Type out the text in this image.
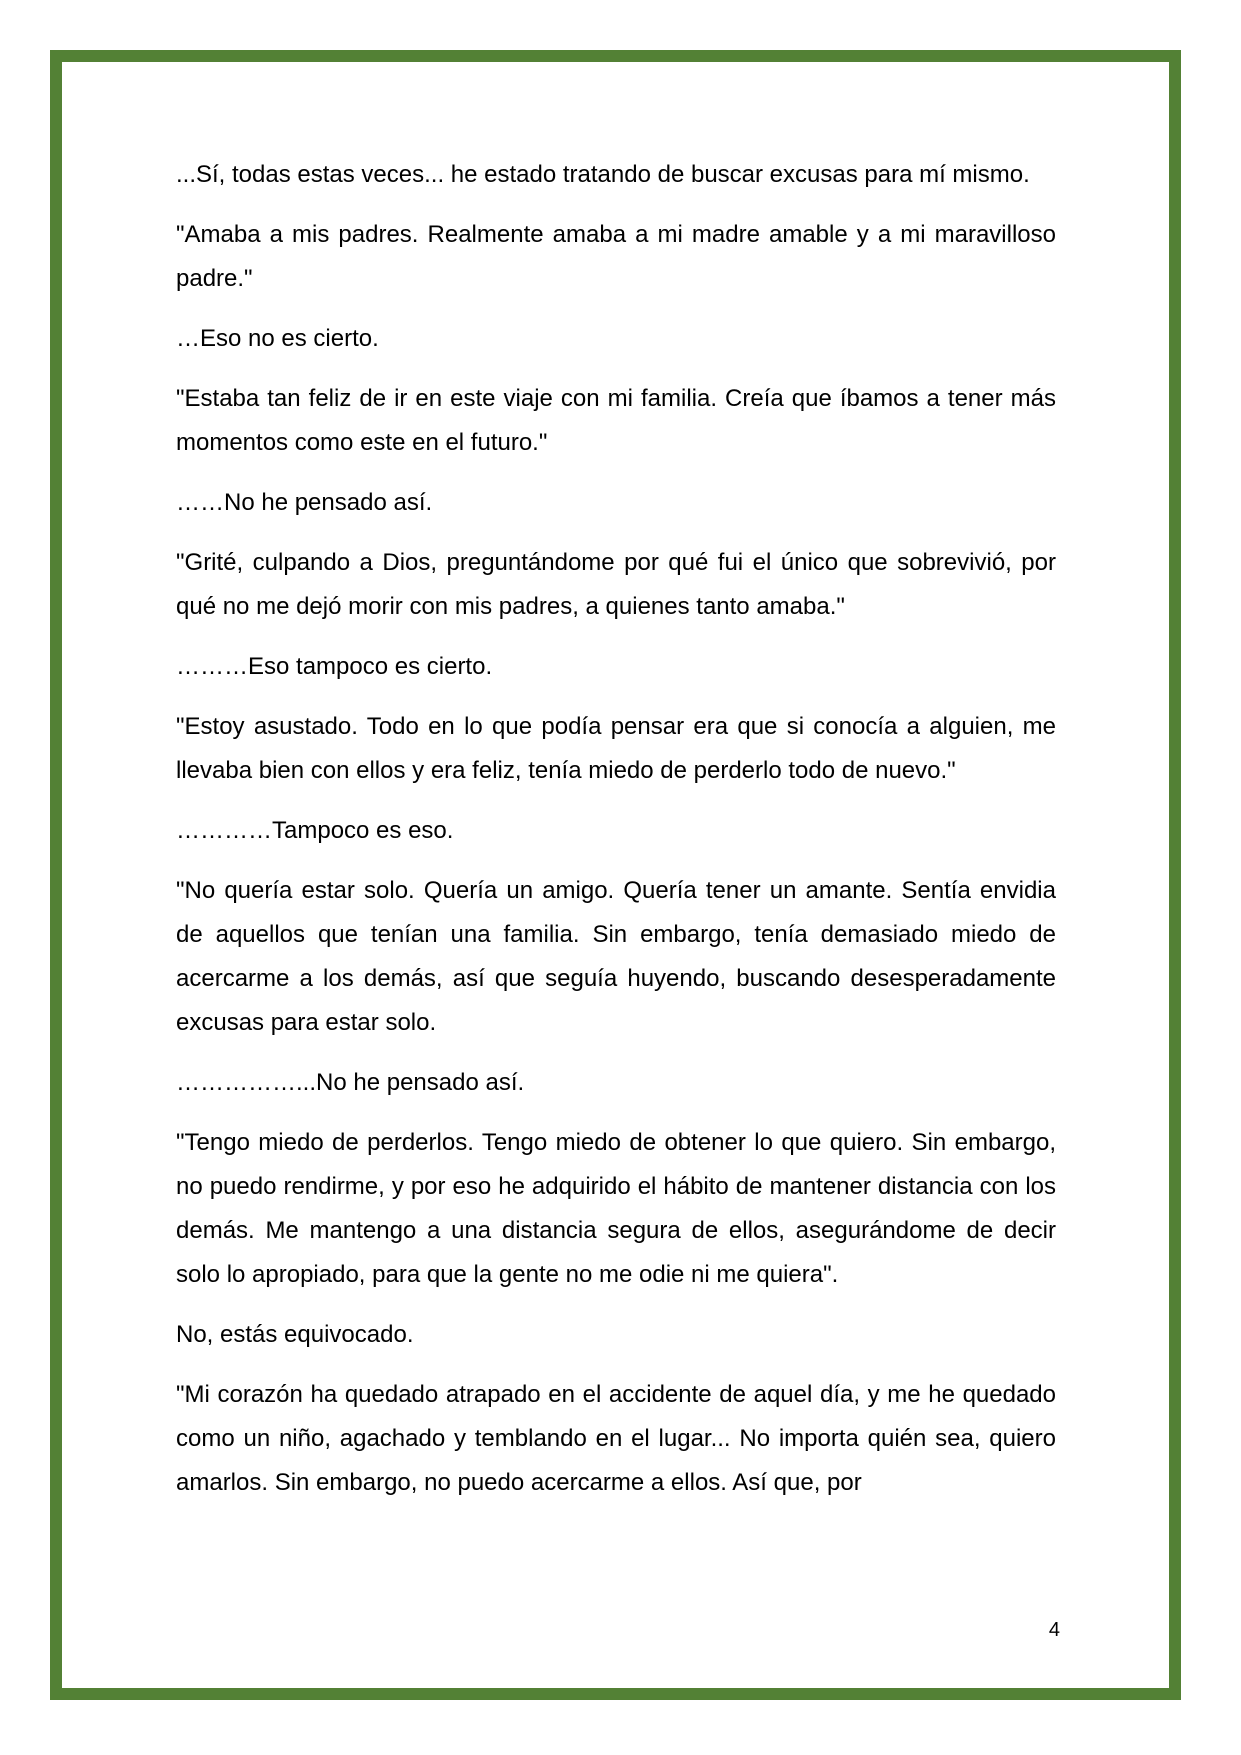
...Sí, todas estas veces... he estado tratando de buscar excusas para mí mismo.

"Amaba a mis padres. Realmente amaba a mi madre amable y a mi maravilloso padre."

…Eso no es cierto.

"Estaba tan feliz de ir en este viaje con mi familia. Creía que íbamos a tener más momentos como este en el futuro."

……No he pensado así.

"Grité, culpando a Dios, preguntándome por qué fui el único que sobrevivió, por qué no me dejó morir con mis padres, a quienes tanto amaba."

………Eso tampoco es cierto.

"Estoy asustado. Todo en lo que podía pensar era que si conocía a alguien, me llevaba bien con ellos y era feliz, tenía miedo de perderlo todo de nuevo."

…………Tampoco es eso.

"No quería estar solo. Quería un amigo. Quería tener un amante. Sentía envidia de aquellos que tenían una familia. Sin embargo, tenía demasiado miedo de acercarme a los demás, así que seguía huyendo, buscando desesperadamente excusas para estar solo.

……………...No he pensado así.

"Tengo miedo de perderlos. Tengo miedo de obtener lo que quiero. Sin embargo, no puedo rendirme, y por eso he adquirido el hábito de mantener distancia con los demás. Me mantengo a una distancia segura de ellos, asegurándome de decir solo lo apropiado, para que la gente no me odie ni me quiera".

No, estás equivocado.

"Mi corazón ha quedado atrapado en el accidente de aquel día, y me he quedado como un niño, agachado y temblando en el lugar... No importa quién sea, quiero amarlos. Sin embargo, no puedo acercarme a ellos. Así que, por

4
